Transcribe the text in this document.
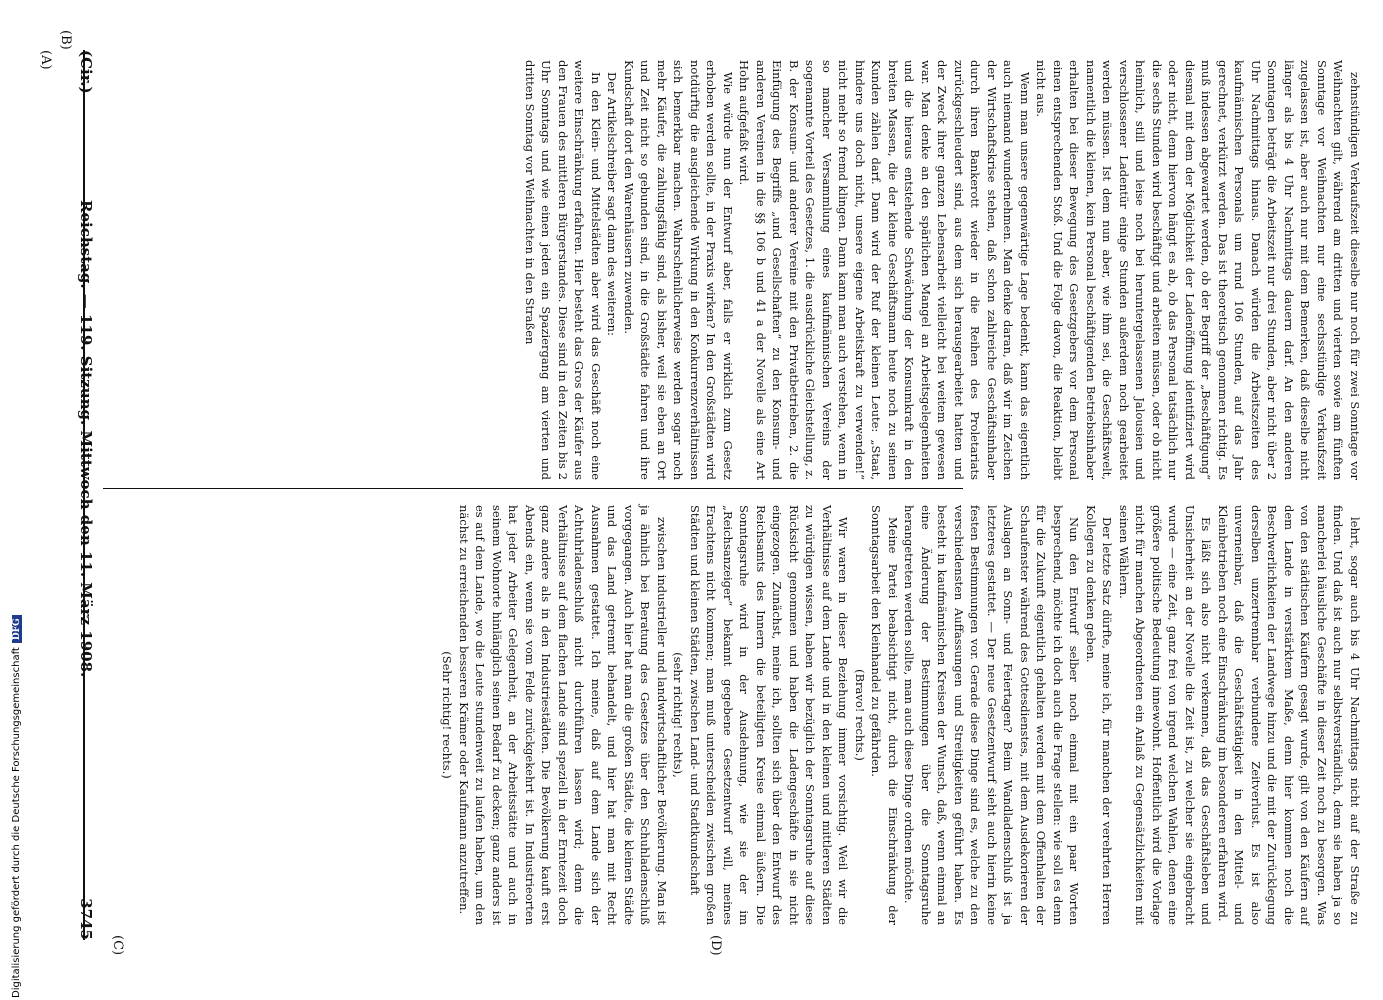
(Cir.)
Reichstag. — 119. Sitzung. Mittwoch den 11. März 1908.
3745
(A)
(B)
(C)	(D)

zehnstündigen Verkaufszeit dieselbe nur noch für zwei Sonntage vor Weihnachten gilt, während am dritten und vierten sowie am fünften Sonntage vor Weihnachten nur eine sechsstündige Verkaufszeit zugelassen ist, aber auch nur mit dem Bemerken, daß dieselbe nicht länger als bis 4 Uhr Nachmittags dauern darf. An den anderen Sonntagen beträgt die Arbeitszeit nur drei Stunden, aber nicht über 2 Uhr Nachmittags hinaus. Danach würden die Arbeitszeiten des kaufmännischen Personals um rund 106 Stunden, auf das Jahr gerechnet, verkürzt werden. Das ist theoretisch genommen richtig. Es muß indessen abgewartet werden, ob der Begriff der „Beschäftigung“ diesmal mit dem der Möglichkeit der Ladenöffnung identifiziert wird oder nicht, denn hiervon hängt es ab, ob das Personal tatsächlich nur die sechs Stunden wird beschäftigt und arbeiten müssen, oder ob nicht heimlich, still und leise noch bei heruntergelassenen Jalousien und verschlossener Ladentür einige Stunden außerdem noch gearbeitet werden müssen. Ist dem nun aber, wie ihm sei, die Geschäftswelt, namentlich die kleinen, kein Personal beschäftigenden Betriebsinhaber erhalten bei dieser Bewegung des Gesetzgebers vor dem Personal einen entsprechenden Stoß. Und die Folge davon, die Reaktion, bleibt nicht aus.

Wenn man unsere gegenwärtige Lage bedenkt, kann das eigentlich auch niemand wundernehmen. Man denke daran, daß wir im Zeichen der Wirtschaftskrise stehen, daß schon zahlreiche Geschäftsinhaber durch ihren Bankerott wieder in die Reihen des Proletariats zurückgeschleudert sind, aus dem sich herausgearbeitet hatten und der Zweck ihrer ganzen Lebensarbeit vielleicht bei weitem gewesen war. Man denke an den spärlichen Mangel an Arbeitsgelegenheiten und die hieraus entstehende Schwächung der Konsumkraft in den breiten Massen, die der kleine Geschäftsmann heute noch zu seinen Kunden zählen darf. Dann wird der Ruf der kleinen Leute: „Staat, hindere uns doch nicht, unsere eigene Arbeitskraft zu verwenden!“ nicht mehr so fremd klingen. Dann kann man auch verstehen, wenn in so mancher Versammlung eines kaufmännischen Vereins der sogenannte Vorteil des Gesetzes, 1. die ausdrückliche Gleichstellung, z. B. der Konsum- und anderer Vereine mit den Privatbetrieben, 2. die Einfügung des Begriffs „und Gesellschaften“ zu den Konsum- und anderen Vereinen in die §§ 106 b und 41 a der Novelle als eine Art Hohn aufgefaßt wird.

Wie würde nun der Entwurf aber, falls er wirklich zum Gesetz erhoben werden sollte, in der Praxis wirken? In den Großstädten wird notdürftig die ausgleichende Wirkung in den Konkurrenzverhältnissen sich bemerkbar machen. Wahrscheinlicherweise werden sogar noch mehr Käufer, die zahlungsfähig sind, als bisher, weil sie eben an Ort und Zeit nicht so gebunden sind, in die Großstädte fahren und ihre Kundschaft dort den Warenhäusern zuwenden.

Der Artikelschreiber sagt dann des weiteren:

In den Klein- und Mittelstädten aber wird das Geschäft noch eine weitere Einschränkung erfahren. Hier besteht das Gros der Käufer aus den Frauen des mittleren Bürgerstandes. Diese sind in den Zeiten bis 2 Uhr Sonntags und wie einen jeden ein Spaziergang am vierten und dritten Sonntag vor Weihnachten in den Straßen

lehrt, sogar auch bis 4 Uhr Nachmittags nicht auf der Straße zu finden. Und daß ist auch nur selbstverständlich, denn sie haben ja so mancherlei häusliche Geschäfte in dieser Zeit noch zu besorgen. Was von den städtischen Käufern gesagt wurde, gilt von den Käufern auf dem Lande in verstärktem Maße, denn hier kommen noch die Beschwerlichkeiten der Landwege hinzu und die mit der Zurücklegung derselben unzertrennbar verbundene Zeitverlust. Es ist also unverneinbar, daß die Geschäftstätigkeit in den Mittel- und Kleinbetrieben noch eine Einschränkung im besonderen erfahren wird.

Es läßt sich also nicht verkennen, daß das Geschäftsleben und Unsicherheit an der Novelle die Zeit ist, zu welcher sie eingebracht wurde — eine Zeit, ganz frei von irgend welchen Wahlen, denen eine größere politische Bedeutung innewohnt. Hoffentlich wird die Vorlage nicht für manchen Abgeordneten ein Anlaß zu Gegensätzlichkeiten mit seinen Wählern.

Der letzte Satz dürfte, meine ich, für manchen der verehrten Herren Kollegen zu denken geben.

Nun den Entwurf selber noch einmal mit ein paar Worten besprechend, möchte ich doch auch die Frage stellen: wie soll es denn für die Zukunft eigentlich gehalten werden mit dem Offenhalten der Schaufenster während des Gottesdienstes, mit dem Ausdekorieren der Auslagen an Sonn- und Feiertagen? Beim Wandladenschluß ist ja letzteres gestattet. — Der neue Gesetzentwurf sieht auch hierin keine festen Bestimmungen vor. Gerade diese Dinge sind es, welche zu den verschiedensten Auffassungen und Streitigkeiten geführt haben. Es besteht in kaufmännischen Kreisen der Wunsch, daß, wenn einmal an eine Änderung der Bestimmungen über die Sonntagsruhe herangetreten werden sollte, man auch diese Dinge ordnen möchte.

Meine Partei beabsichtigt nicht, durch die Einschränkung der Sonntagsarbeit den Kleinhandel zu gefährden.

(Bravo! rechts.)

Wir waren in dieser Beziehung immer vorsichtig. Weil wir die Verhältnisse auf dem Lande und in den kleinen und mittleren Städten zu würdigen wissen, haben wir bezüglich der Sonntagsruhe auf diese Rücksicht genommen und haben die Ladengeschäfte in sie nicht eingezogen. Zunächst, meine ich, sollten sich über den Entwurf des Reichsamts des Innern die beteiligten Kreise einmal äußern. Die Sonntagsruhe wird in der Ausdehnung, wie sie der im „Reichsanzeiger“ bekannt gegebene Gesetzentwurf will, meines Erachtens nicht kommen; man muß unterscheiden zwischen großen Städten und kleinen Städten, zwischen Land- und Stadtkundschaft

(sehr richtig! rechts),

zwischen industrieller und landwirtschaftlicher Bevölkerung. Man ist ja ähnlich bei Beratung des Gesetzes über den Schuhladenschluß vorgegangen. Auch hier hat man die großen Städte, die kleinen Städte und das Land getrennt behandelt, und hier hat man mit Recht Ausnahmen gestattet. Ich meine, daß auf dem Lande sich der Achtuhrladenschluß nicht durchführen lassen wird; denn die Verhältnisse auf dem flachen Lande sind speziell in der Erntezeit doch ganz andere als in den Industriestädten. Die Bevölkerung kauft erst Abends ein, wenn sie vom Felde zurückgekehrt ist. In Industrieorten hat jeder Arbeiter Gelegenheit, an der Arbeitsstätte und auch in seinem Wohnorte hinlänglich seinen Bedarf zu decken; ganz anders ist es auf dem Lande, wo die Leute stundenweit zu laufen haben, um den nächst zu erreichenden besseren Krämer oder Kaufmann anzutreffen.

(Sehr richtig! rechts.)

Digitalisierung gefördert durch die Deutsche ForschungsgemeinschaftDFG
